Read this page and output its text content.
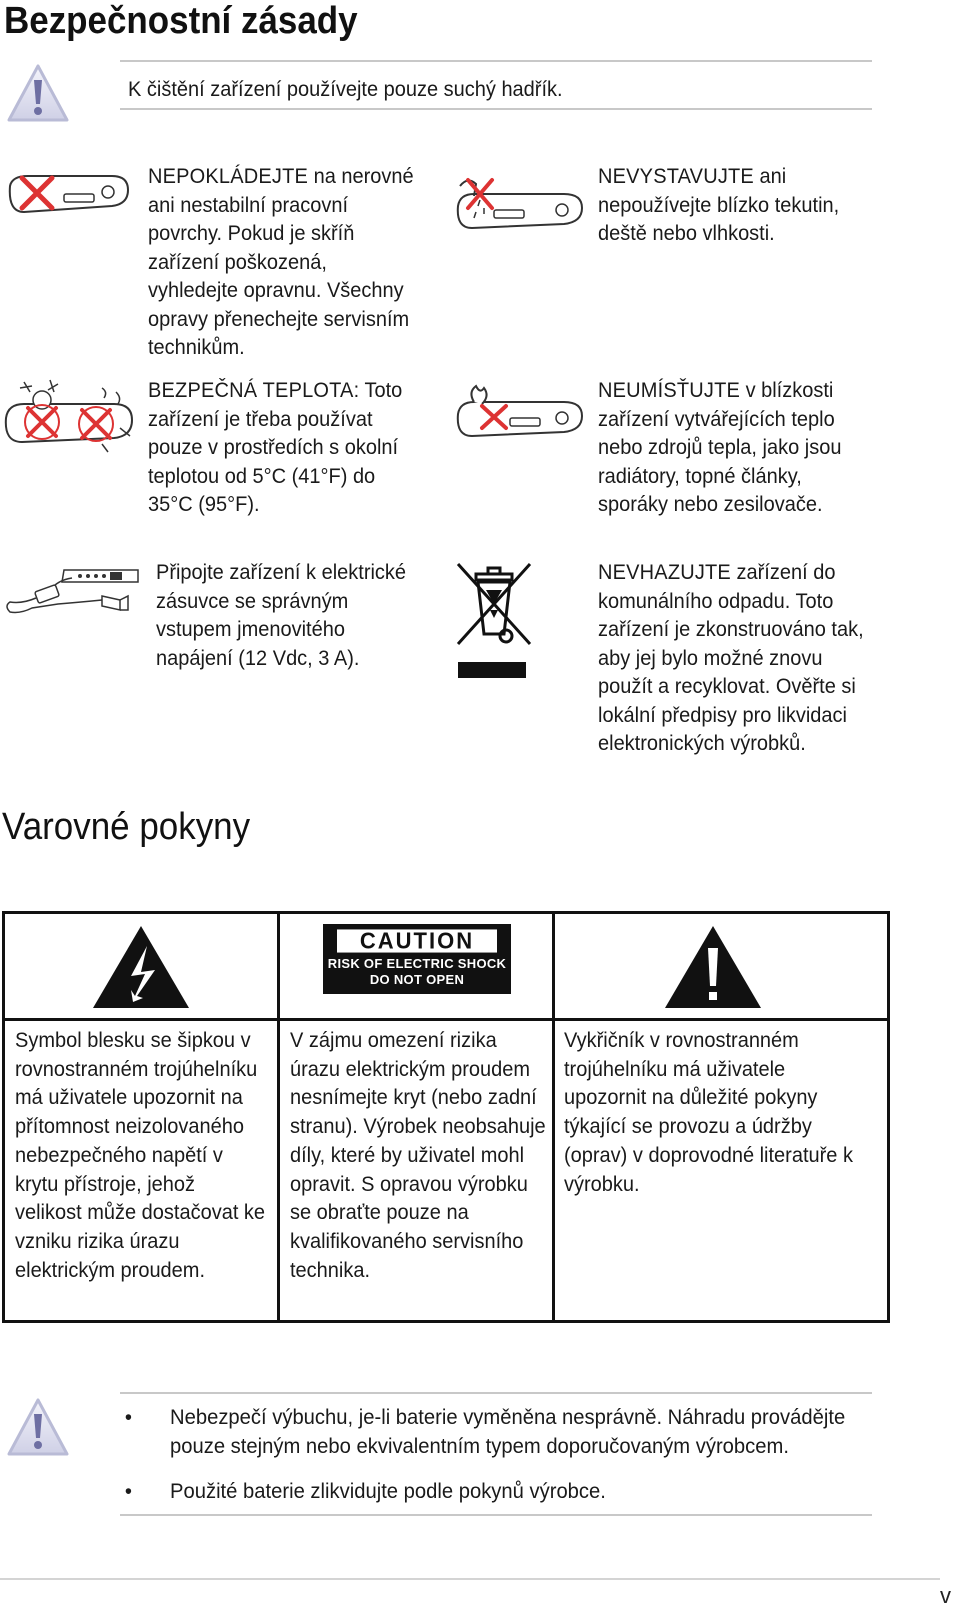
Bezpečnostní zásady
K čištění zařízení používejte pouze suchý hadřík.
NEPOKLÁDEJTE na nerovné ani nestabilní pracovní povrchy. Pokud je skříň zařízení poškozená, vyhledejte opravnu. Všechny opravy přenechejte servisním technikům.
NEVYSTAVUJTE ani nepoužívejte blízko tekutin, deště nebo vlhkosti.
BEZPEČNÁ TEPLOTA: Toto zařízení je třeba používat pouze v prostředích s okolní teplotou od 5°C (41°F) do 35°C (95°F).
NEUMÍSŤUJTE v blízkosti zařízení vytvářejících teplo nebo zdrojů tepla, jako jsou radiátory, topné články, sporáky nebo zesilovače.
Připojte zařízení k elektrické zásuvce se správným vstupem jmenovitého napájení (12 Vdc, 3 A).
NEVHAZUJTE zařízení do komunálního odpadu. Toto zařízení je zkonstruováno tak, aby jej bylo možné znovu použít a recyklovat. Ověřte si lokální předpisy pro likvidaci elektronických výrobků.
Varovné pokyny
CAUTION
RISK OF ELECTRIC SHOCK
DO NOT OPEN
Symbol blesku se šipkou v rovnostranném trojúhelníku má uživatele upozornit na přítomnost neizolovaného nebezpečného napětí v krytu přístroje, jehož velikost může dostačovat ke vzniku rizika úrazu elektrickým proudem.
V zájmu omezení rizika úrazu elektrickým proudem nesnímejte kryt (nebo zadní stranu). Výrobek neobsahuje díly, které by uživatel mohl opravit. S opravou výrobku se obraťte pouze na kvalifikovaného servisního technika.
Vykřičník v rovnostranném trojúhelníku má uživatele upozornit na důležité pokyny týkající se provozu a údržby (oprav) v doprovodné literatuře k výrobku.
• Nebezpečí výbuchu, je-li baterie vyměněna nesprávně. Náhradu provádějte pouze stejným nebo ekvivalentním typem doporučovaným výrobcem.
• Použité baterie zlikvidujte podle pokynů výrobce.
v
